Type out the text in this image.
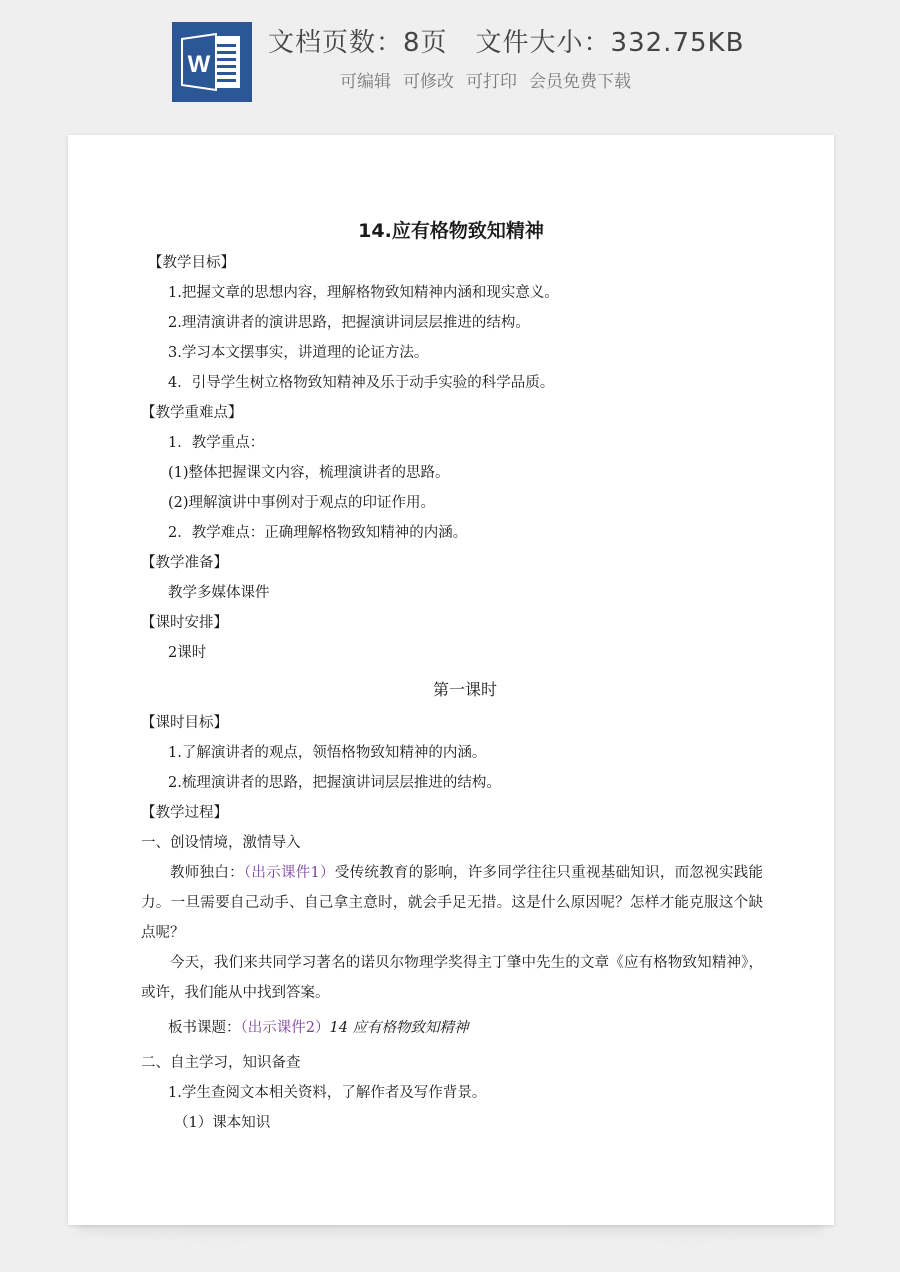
W
文档页数：8页 文件大小：332.75KB
可编辑 可修改 可打印 会员免费下载
14.应有格物致知精神
【教学目标】
1.把握文章的思想内容，理解格物致知精神内涵和现实意义。
2.理清演讲者的演讲思路，把握演讲词层层推进的结构。
3.学习本文摆事实，讲道理的论证方法。
4．引导学生树立格物致知精神及乐于动手实验的科学品质。
【教学重难点】
1．教学重点：
(1)整体把握课文内容，梳理演讲者的思路。
(2)理解演讲中事例对于观点的印证作用。
2．教学难点：正确理解格物致知精神的内涵。
【教学准备】
教学多媒体课件
【课时安排】
2课时
第一课时
【课时目标】
1.了解演讲者的观点，领悟格物致知精神的内涵。
2.梳理演讲者的思路，把握演讲词层层推进的结构。
【教学过程】
一、创设情境，激情导入
教师独白：（出示课件1）受传统教育的影响，许多同学往往只重视基础知识，而忽视实践能力。一旦需要自己动手、自己拿主意时，就会手足无措。这是什么原因呢？怎样才能克服这个缺点呢？
今天，我们来共同学习著名的诺贝尔物理学奖得主丁肇中先生的文章《应有格物致知精神》，或许，我们能从中找到答案。
板书课题：（出示课件2）14 应有格物致知精神
二、自主学习，知识备查
1.学生查阅文本相关资料，了解作者及写作背景。
（1）课本知识
